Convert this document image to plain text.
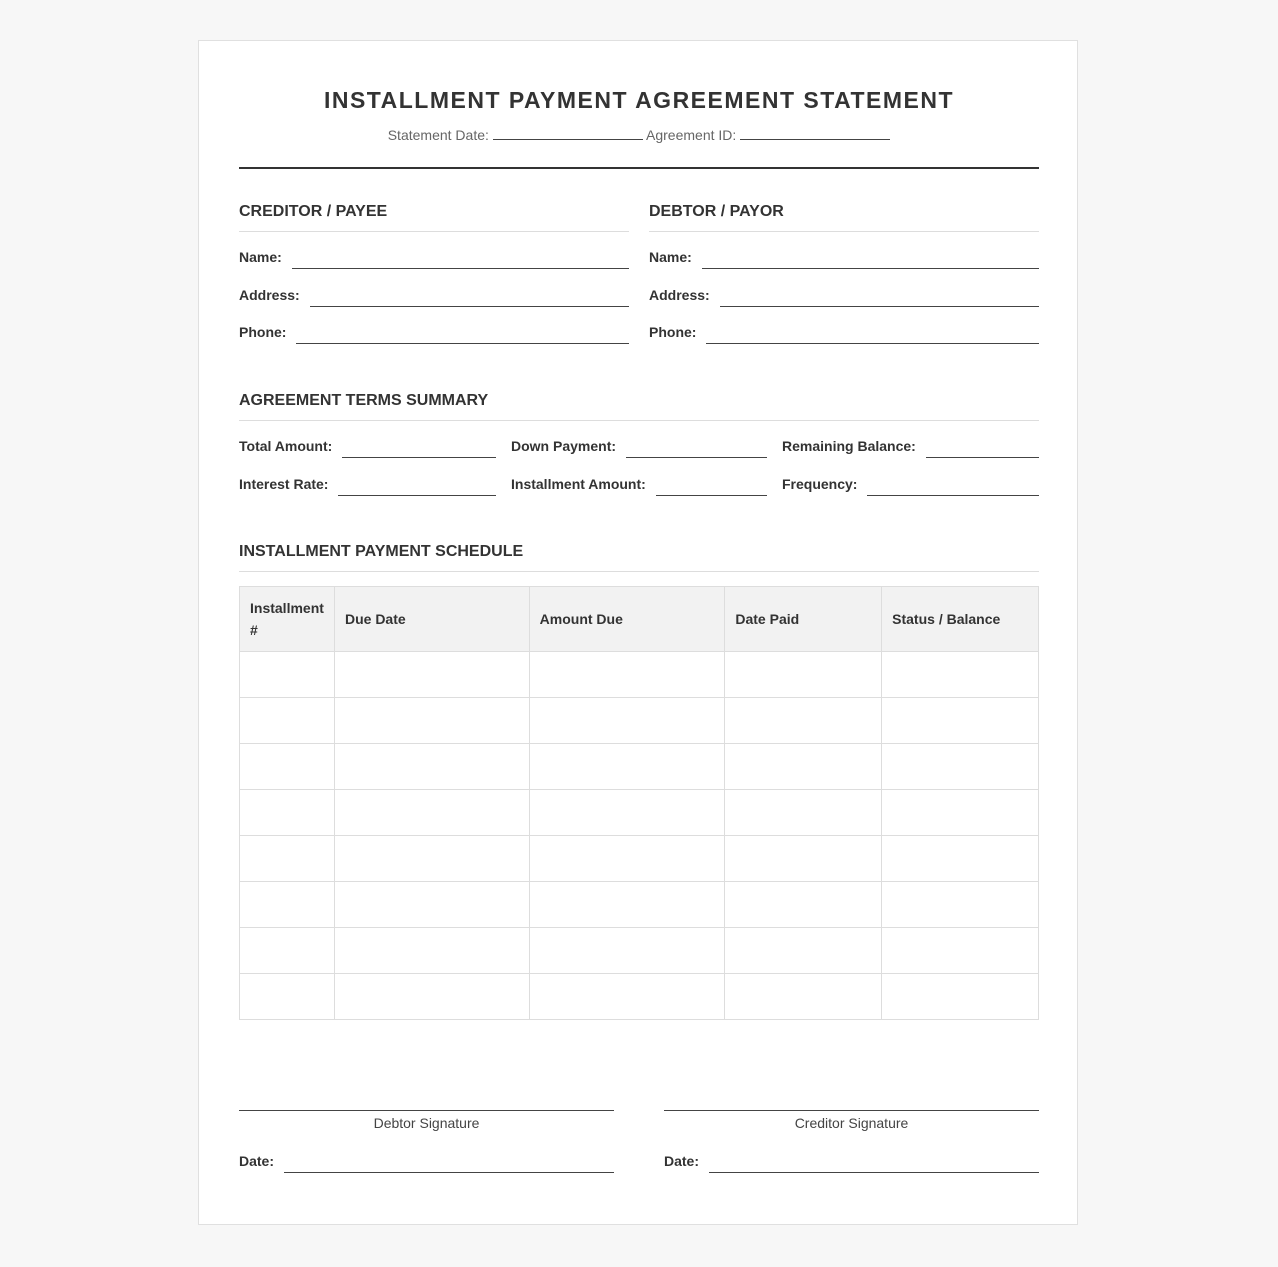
INSTALLMENT PAYMENT AGREEMENT STATEMENT
Statement Date:	Agreement ID:
CREDITOR / PAYEE
Name:
Address:
Phone:
DEBTOR / PAYOR
Name:
Address:
Phone:
AGREEMENT TERMS SUMMARY
Total Amount:	Down Payment:	Remaining Balance:
Interest Rate:	Installment Amount:	Frequency:
INSTALLMENT PAYMENT SCHEDULE
Installment #	Due Date	Amount Due	Date Paid	Status / Balance

Debtor Signature	Creditor Signature
Date:	Date:
